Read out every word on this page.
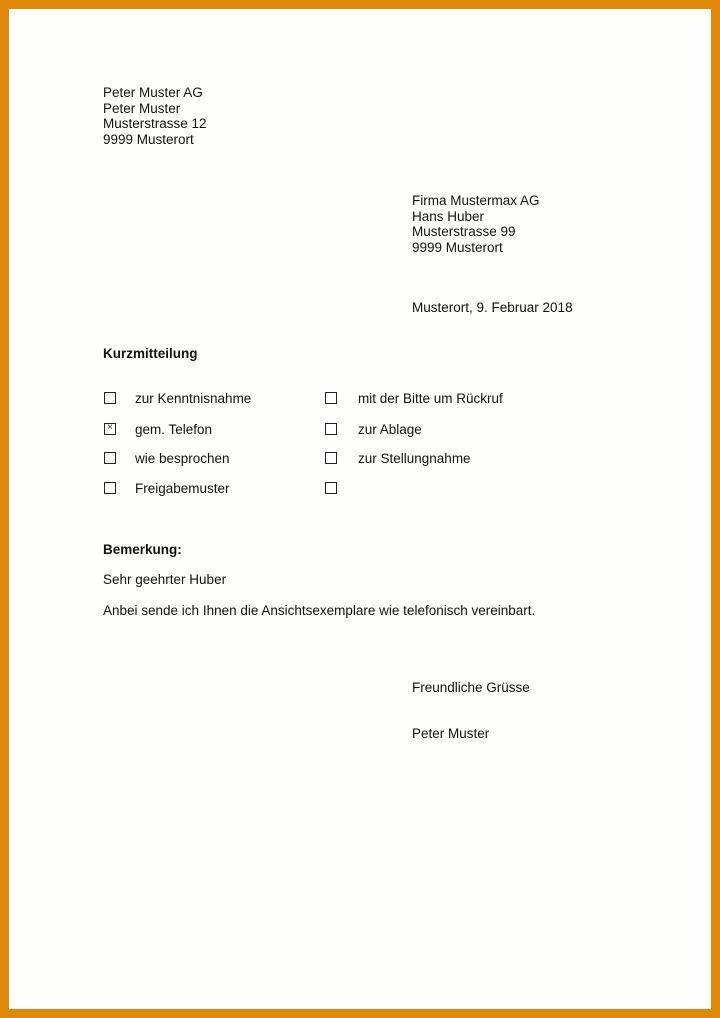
Peter Muster AG
Peter Muster
Musterstrasse 12
9999 Musterort
Firma Mustermax AG
Hans Huber
Musterstrasse 99
9999 Musterort
Musterort, 9. Februar 2018
Kurzmitteilung
zur Kenntnisnahme
× gem. Telefon
wie besprochen
Freigabemuster
mit der Bitte um Rückruf
zur Ablage
zur Stellungnahme
Bemerkung:
Sehr geehrter Huber
Anbei sende ich Ihnen die Ansichtsexemplare wie telefonisch vereinbart.
Freundliche Grüsse
Peter Muster
